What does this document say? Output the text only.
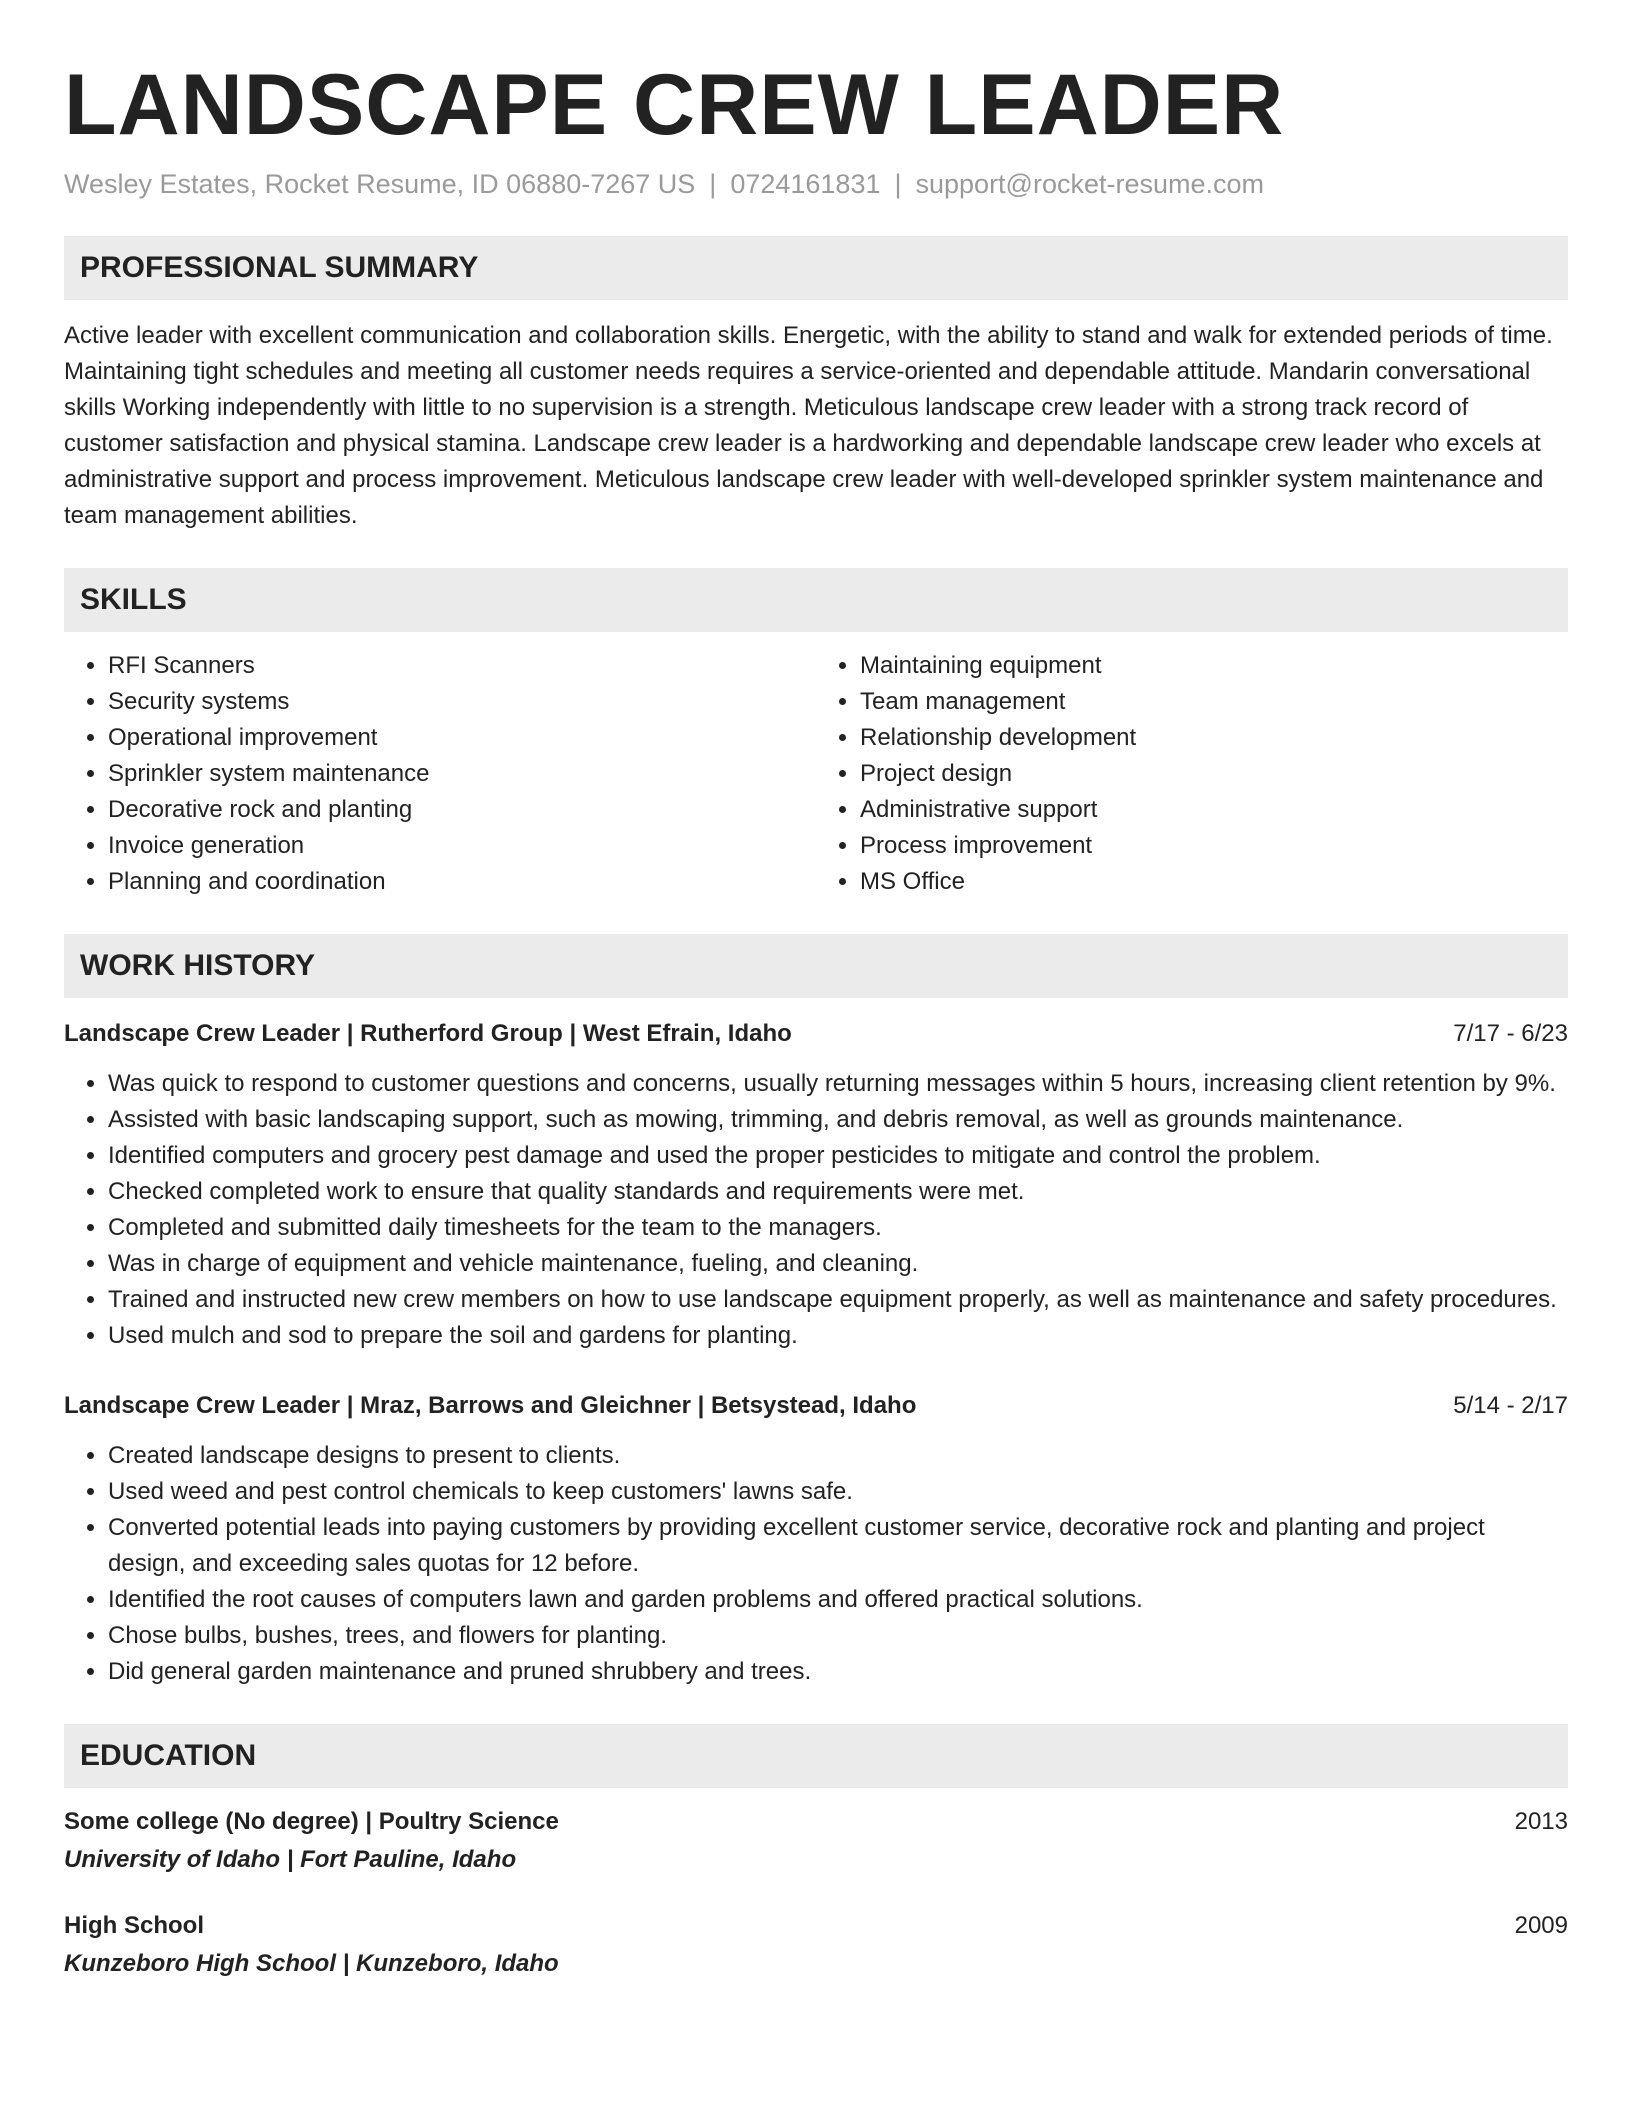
LANDSCAPE CREW LEADER
Wesley Estates, Rocket Resume, ID 06880-7267 US | 0724161831 | support@rocket-resume.com
PROFESSIONAL SUMMARY

Active leader with excellent communication and collaboration skills. Energetic, with the ability to stand and walk for extended periods of time. Maintaining tight schedules and meeting all customer needs requires a service-oriented and dependable attitude. Mandarin conversational skills Working independently with little to no supervision is a strength. Meticulous landscape crew leader with a strong track record of customer satisfaction and physical stamina. Landscape crew leader is a hardworking and dependable landscape crew leader who excels at administrative support and process improvement. Meticulous landscape crew leader with well-developed sprinkler system maintenance and team management abilities.

SKILLS
• RFI Scanners
• Security systems
• Operational improvement
• Sprinkler system maintenance
• Decorative rock and planting
• Invoice generation
• Planning and coordination
• Maintaining equipment
• Team management
• Relationship development
• Project design
• Administrative support
• Process improvement
• MS Office
WORK HISTORY
Landscape Crew Leader | Rutherford Group | West Efrain, Idaho	7/17 - 6/23
• Was quick to respond to customer questions and concerns, usually returning messages within 5 hours, increasing client retention by 9%.
• Assisted with basic landscaping support, such as mowing, trimming, and debris removal, as well as grounds maintenance.
• Identified computers and grocery pest damage and used the proper pesticides to mitigate and control the problem.
• Checked completed work to ensure that quality standards and requirements were met.
• Completed and submitted daily timesheets for the team to the managers.
• Was in charge of equipment and vehicle maintenance, fueling, and cleaning.
• Trained and instructed new crew members on how to use landscape equipment properly, as well as maintenance and safety procedures.
• Used mulch and sod to prepare the soil and gardens for planting.
Landscape Crew Leader | Mraz, Barrows and Gleichner | Betsystead, Idaho	5/14 - 2/17
• Created landscape designs to present to clients.
• Used weed and pest control chemicals to keep customers' lawns safe.
• Converted potential leads into paying customers by providing excellent customer service, decorative rock and planting and project design, and exceeding sales quotas for 12 before.
• Identified the root causes of computers lawn and garden problems and offered practical solutions.
• Chose bulbs, bushes, trees, and flowers for planting.
• Did general garden maintenance and pruned shrubbery and trees.
EDUCATION
Some college (No degree) | Poultry Science	2013
University of Idaho | Fort Pauline, Idaho
High School	2009
Kunzeboro High School | Kunzeboro, Idaho
